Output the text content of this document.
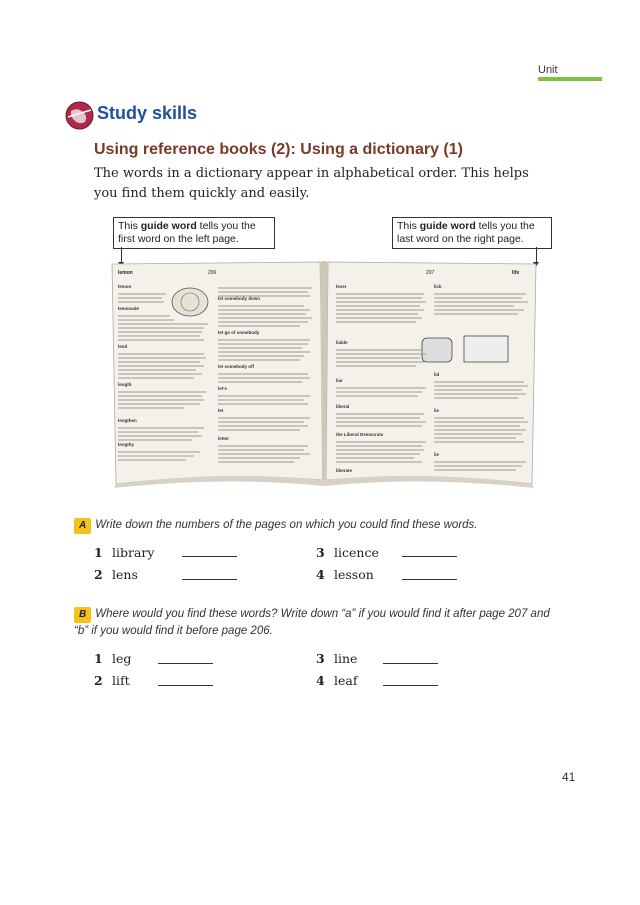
Unit
Study skills
Using reference books (2): Using a dictionary (1)
The words in a dictionary appear in alphabetical order. This helps you find them quickly and easily.
This guide word tells you the first word on the left page.
This guide word tells you the last word on the right page.
lemon	206	207	life
lemon
lemonade
lend
length
lengthen
lengthy
let somebody down
let go of somebody
let somebody off
let's
let
letter
lever
liable
liar
liberal
the Liberal Democrats
liberate
lick
lid
lie
lie
A Write down the numbers of the pages on which you could find these words.
1 library
2 lens
3 licence
4 lesson
B Where would you find these words? Write down “a” if you would find it after page 207 and “b” if you would find it before page 206.
1 leg
2 lift
3 line
4 leaf
41
